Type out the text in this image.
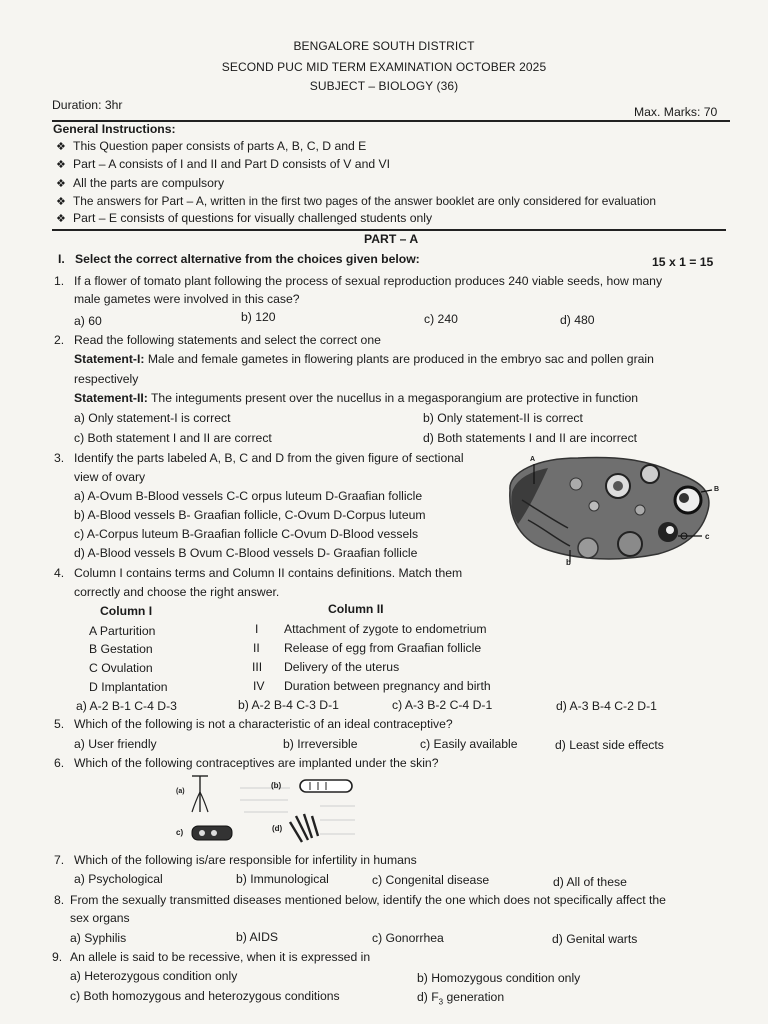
BENGALORE SOUTH DISTRICT
SECOND PUC MID TERM EXAMINATION OCTOBER 2025
SUBJECT – BIOLOGY (36)
Duration: 3hr	Max. Marks: 70
General Instructions:
❖ This Question paper consists of parts A, B, C, D and E
❖ Part – A consists of I and II and Part D consists of V and VI
❖ All the parts are compulsory
❖ The answers for Part – A, written in the first two pages of the answer booklet are only considered for evaluation
❖ Part – E consists of questions for visually challenged students only
PART – A
I. Select the correct alternative from the choices given below:	15 x 1 = 15
1. If a flower of tomato plant following the process of sexual reproduction produces 240 viable seeds, how many
male gametes were involved in this case?
a) 60	b) 120	c) 240	d) 480
2. Read the following statements and select the correct one
Statement-I: Male and female gametes in flowering plants are produced in the embryo sac and pollen grain
respectively
Statement-II: The integuments present over the nucellus in a megasporangium are protective in function
a) Only statement-I is correct	b) Only statement-II is correct
c) Both statement I and II are correct	d) Both statements I and II are incorrect
3. Identify the parts labeled A, B, C and D from the given figure of sectional
view of ovary
a) A-Ovum B-Blood vessels C-C orpus luteum D-Graafian follicle
b) A-Blood vessels B- Graafian follicle, C-Ovum D-Corpus luteum
c) A-Corpus luteum B-Graafian follicle C-Ovum D-Blood vessels
d) A-Blood vessels B Ovum C-Blood vessels D- Graafian follicle
A
B
c
b
4. Column I contains terms and Column II contains definitions. Match them
correctly and choose the right answer.
Column I	Column II
A Parturition	I Attachment of zygote to endometrium
B Gestation	II Release of egg from Graafian follicle
C Ovulation	III Delivery of the uterus
D Implantation	IV Duration between pregnancy and birth
a) A-2 B-1 C-4 D-3	b) A-2 B-4 C-3 D-1	c) A-3 B-2 C-4 D-1	d) A-3 B-4 C-2 D-1
5. Which of the following is not a characteristic of an ideal contraceptive?
a) User friendly	b) Irreversible	c) Easily available	d) Least side effects
6. Which of the following contraceptives are implanted under the skin?
(a)
(b)
c)	(d)
7. Which of the following is/are responsible for infertility in humans
a) Psychological	b) Immunological	c) Congenital disease	d) All of these
8. From the sexually transmitted diseases mentioned below, identify the one which does not specifically affect the
sex organs
a) Syphilis	b) AIDS	c) Gonorrhea	d) Genital warts
9. An allele is said to be recessive, when it is expressed in
a) Heterozygous condition only	b) Homozygous condition only
c) Both homozygous and heterozygous conditions	d) $F_3$ generation
